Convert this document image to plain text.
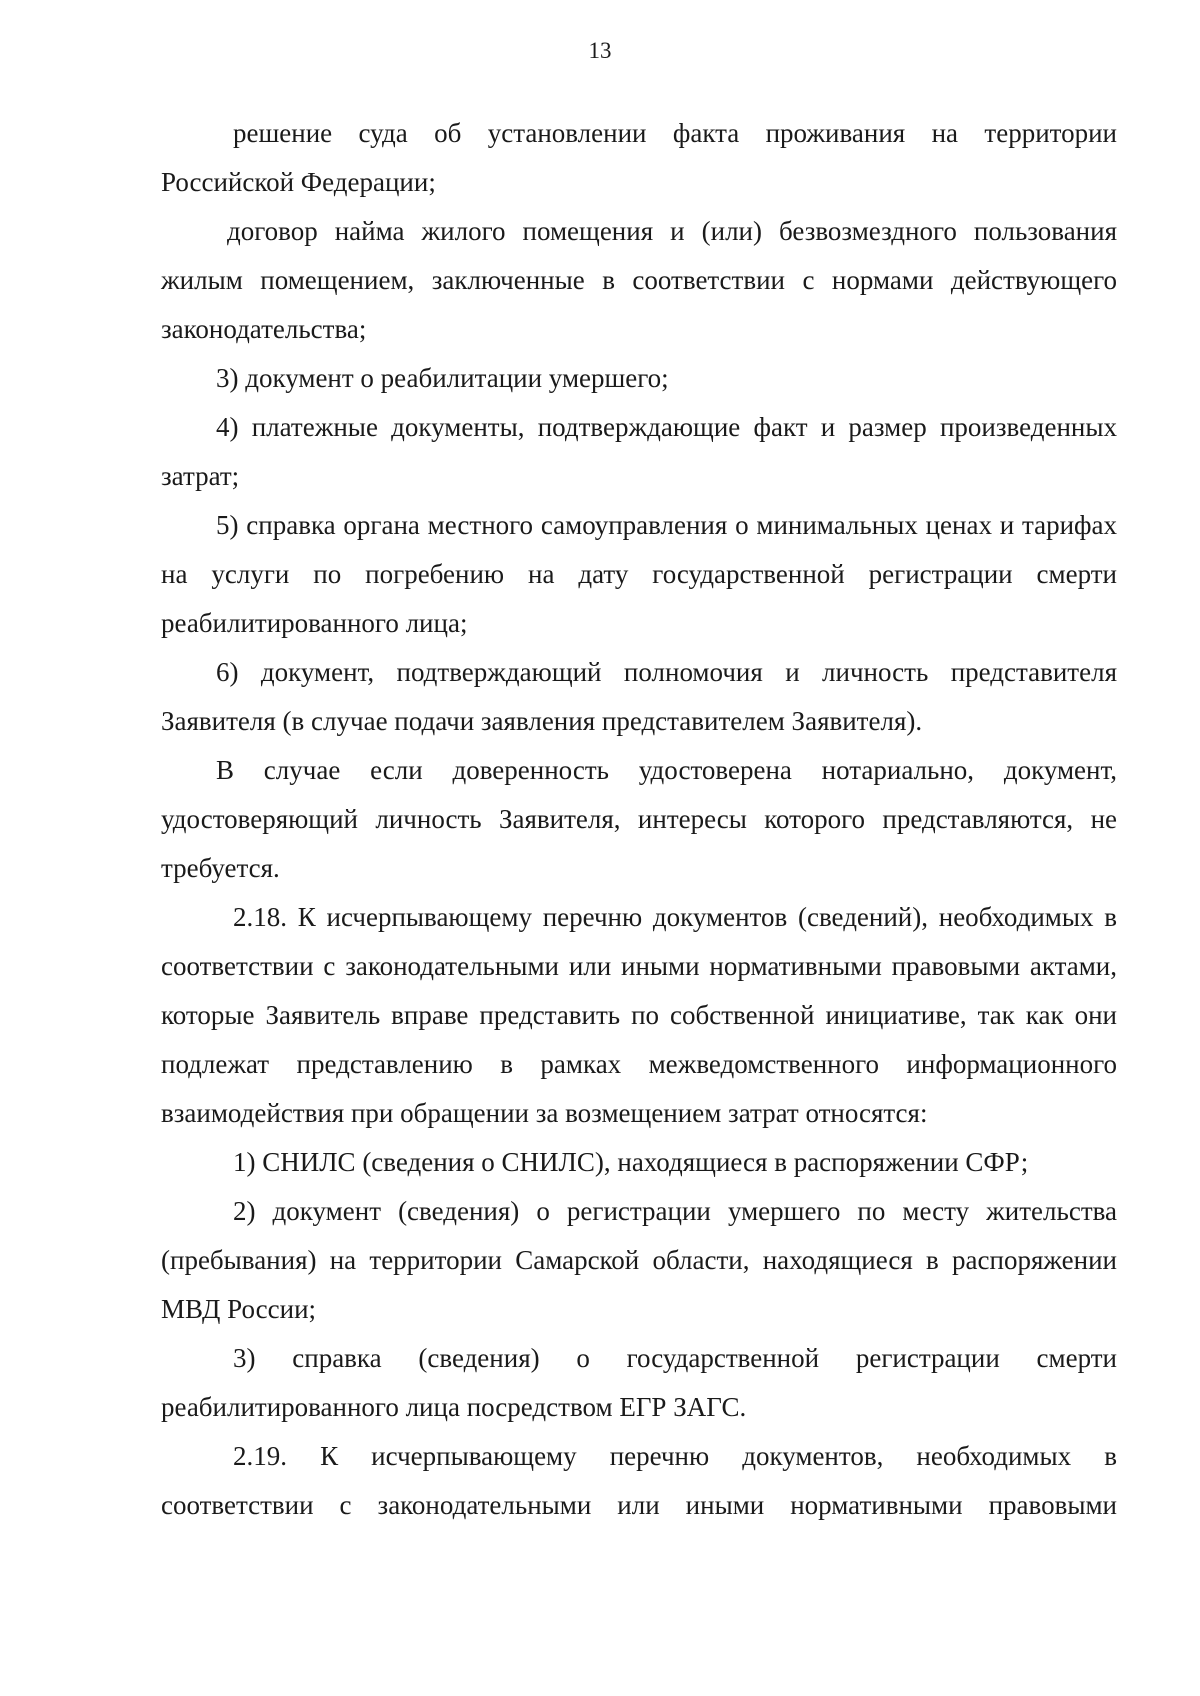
13

решение суда об установлении факта проживания на территории Российской Федерации;

договор найма жилого помещения и (или) безвозмездного пользования жилым помещением, заключенные в соответствии с нормами действующего законодательства;

3) документ о реабилитации умершего;

4) платежные документы, подтверждающие факт и размер произведенных затрат;

5) справка органа местного самоуправления о минимальных ценах и тарифах на услуги по погребению на дату государственной регистрации смерти реабилитированного лица;

6) документ, подтверждающий полномочия и личность представителя Заявителя (в случае подачи заявления представителем Заявителя).

В случае если доверенность удостоверена нотариально, документ, удостоверяющий личность Заявителя, интересы которого представляются, не требуется.

2.18. К исчерпывающему перечню документов (сведений), необходимых в соответствии с законодательными или иными нормативными правовыми актами, которые Заявитель вправе представить по собственной инициативе, так как они подлежат представлению в рамках межведомственного информационного взаимодействия при обращении за возмещением затрат относятся:

1) СНИЛС (сведения о СНИЛС), находящиеся в распоряжении СФР;

2) документ (сведения) о регистрации умершего по месту жительства (пребывания) на территории Самарской области, находящиеся в распоряжении МВД России;

3) справка (сведения) о государственной регистрации смерти реабилитированного лица посредством ЕГР ЗАГС.

2.19. К исчерпывающему перечню документов, необходимых в соответствии с законодательными или иными нормативными правовыми
